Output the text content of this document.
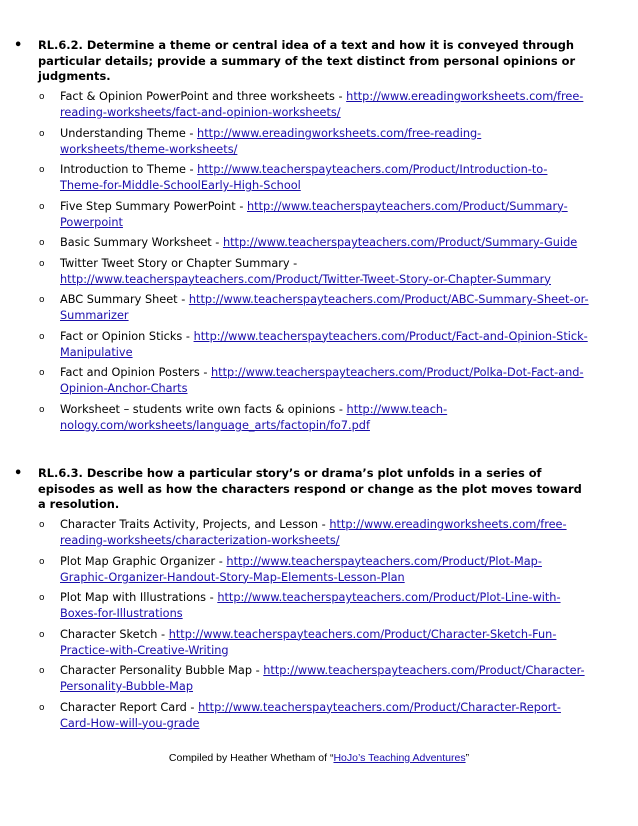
• RL.6.2. Determine a theme or central idea of a text and how it is conveyed through particular details; provide a summary of the text distinct from personal opinions or judgments.
o Fact & Opinion PowerPoint and three worksheets - http://www.ereadingworksheets.com/free-reading-worksheets/fact-and-opinion-worksheets/
o Understanding Theme - http://www.ereadingworksheets.com/free-reading-worksheets/theme-worksheets/
o Introduction to Theme - http://www.teacherspayteachers.com/Product/Introduction-to-Theme-for-Middle-SchoolEarly-High-School
o Five Step Summary PowerPoint - http://www.teacherspayteachers.com/Product/Summary-Powerpoint
o Basic Summary Worksheet - http://www.teacherspayteachers.com/Product/Summary-Guide
o Twitter Tweet Story or Chapter Summary - http://www.teacherspayteachers.com/Product/Twitter-Tweet-Story-or-Chapter-Summary
o ABC Summary Sheet - http://www.teacherspayteachers.com/Product/ABC-Summary-Sheet-or-Summarizer
o Fact or Opinion Sticks - http://www.teacherspayteachers.com/Product/Fact-and-Opinion-Stick-Manipulative
o Fact and Opinion Posters - http://www.teacherspayteachers.com/Product/Polka-Dot-Fact-and-Opinion-Anchor-Charts
o Worksheet – students write own facts & opinions - http://www.teach-nology.com/worksheets/language_arts/factopin/fo7.pdf
• RL.6.3. Describe how a particular story’s or drama’s plot unfolds in a series of episodes as well as how the characters respond or change as the plot moves toward a resolution.
o Character Traits Activity, Projects, and Lesson - http://www.ereadingworksheets.com/free-reading-worksheets/characterization-worksheets/
o Plot Map Graphic Organizer - http://www.teacherspayteachers.com/Product/Plot-Map-Graphic-Organizer-Handout-Story-Map-Elements-Lesson-Plan
o Plot Map with Illustrations - http://www.teacherspayteachers.com/Product/Plot-Line-with-Boxes-for-Illustrations
o Character Sketch - http://www.teacherspayteachers.com/Product/Character-Sketch-Fun-Practice-with-Creative-Writing
o Character Personality Bubble Map - http://www.teacherspayteachers.com/Product/Character-Personality-Bubble-Map
o Character Report Card - http://www.teacherspayteachers.com/Product/Character-Report-Card-How-will-you-grade
Compiled by Heather Whetham of “HoJo’s Teaching Adventures”
